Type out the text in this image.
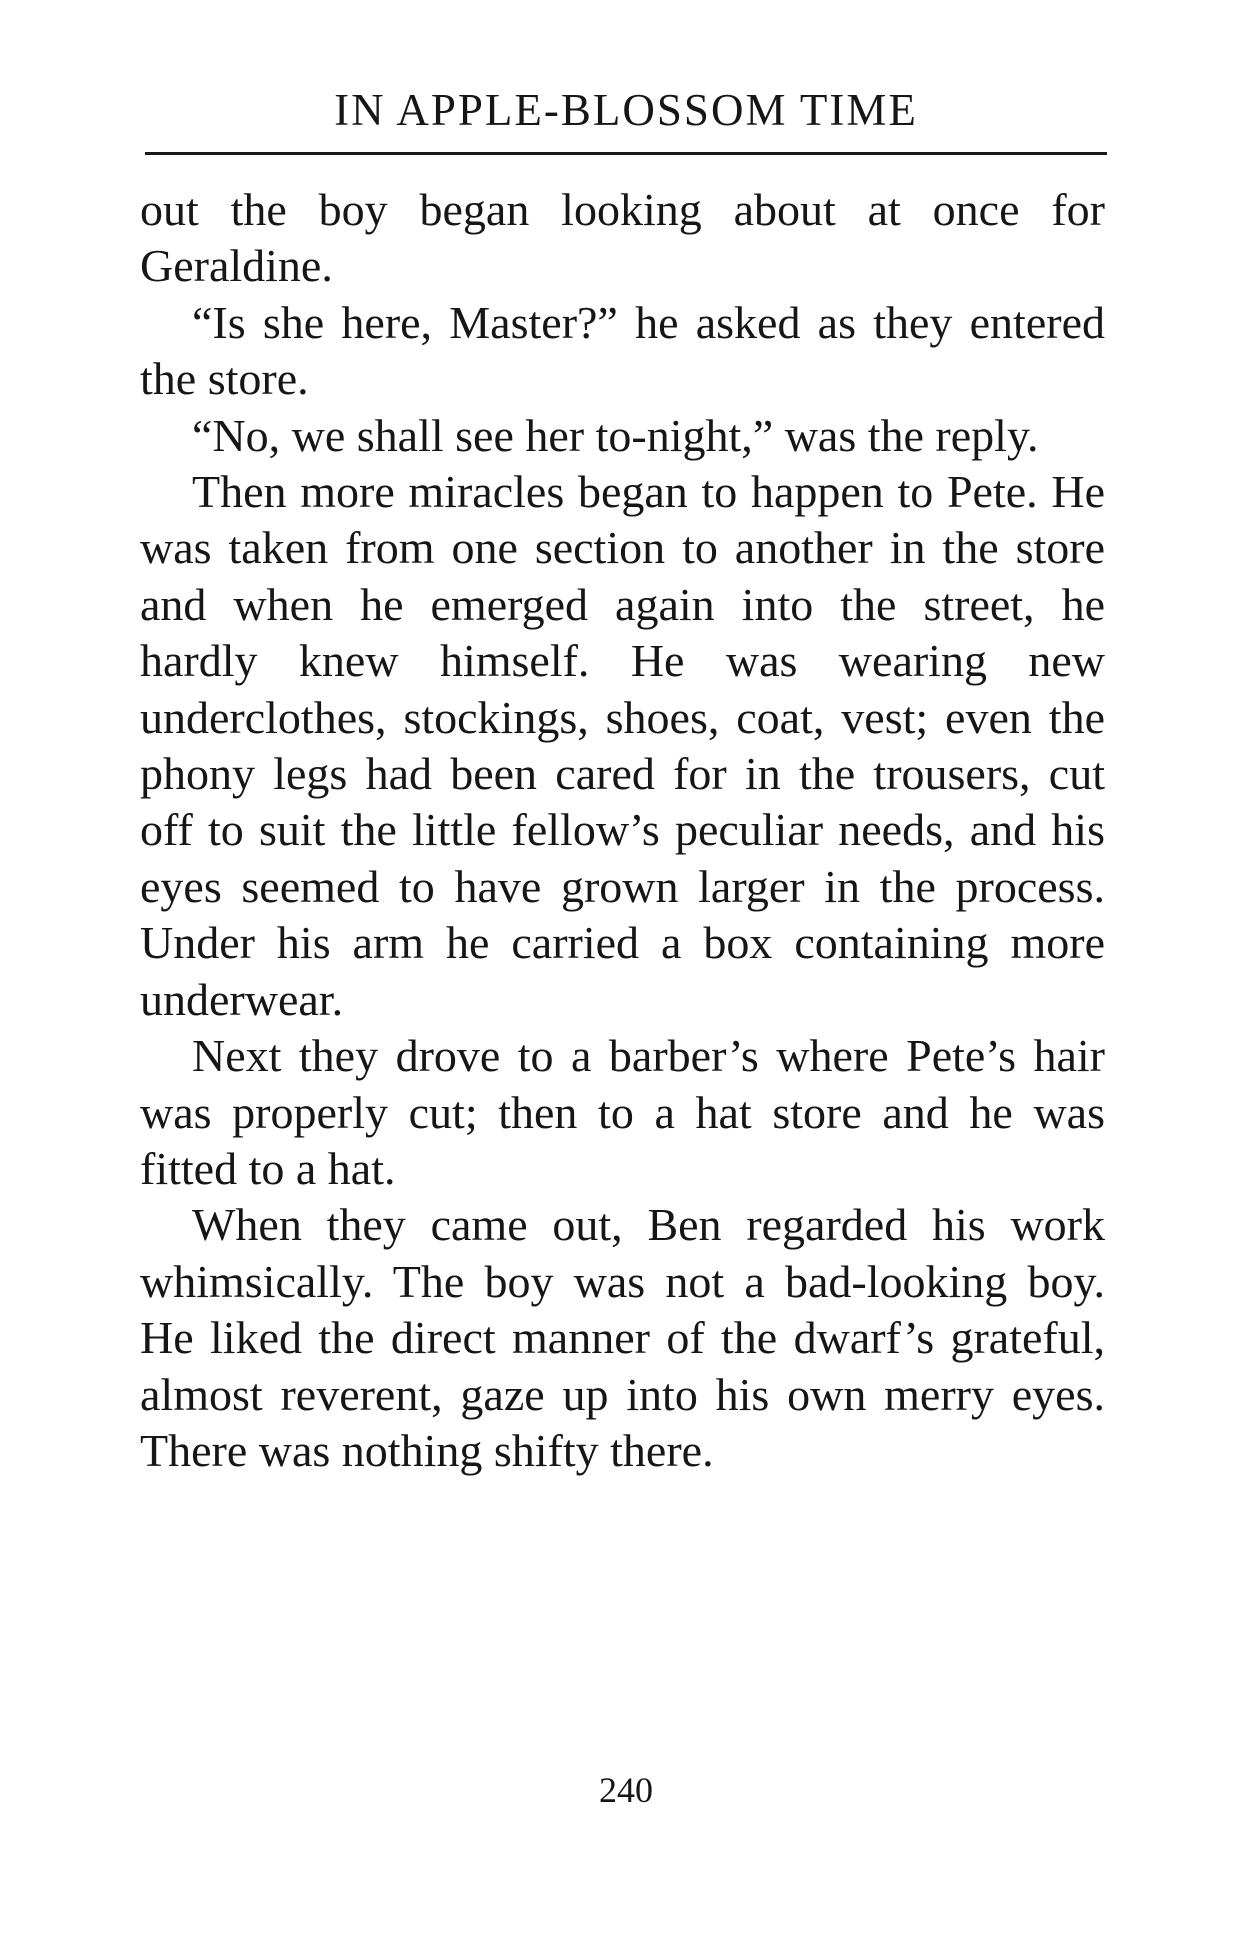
IN APPLE-BLOSSOM TIME

out the boy began looking about at once for Geraldine.

“Is she here, Master?” he asked as they entered the store.

“No, we shall see her to-night,” was the reply.

Then more miracles began to happen to Pete. He was taken from one section to another in the store and when he emerged again into the street, he hardly knew himself. He was wearing new underclothes, stockings, shoes, coat, vest; even the phony legs had been cared for in the trousers, cut off to suit the little fellow’s peculiar needs, and his eyes seemed to have grown larger in the process. Under his arm he carried a box containing more underwear.

Next they drove to a barber’s where Pete’s hair was properly cut; then to a hat store and he was fitted to a hat.

When they came out, Ben regarded his work whimsically. The boy was not a bad-looking boy. He liked the direct manner of the dwarf’s grateful, almost reverent, gaze up into his own merry eyes. There was nothing shifty there.

240
